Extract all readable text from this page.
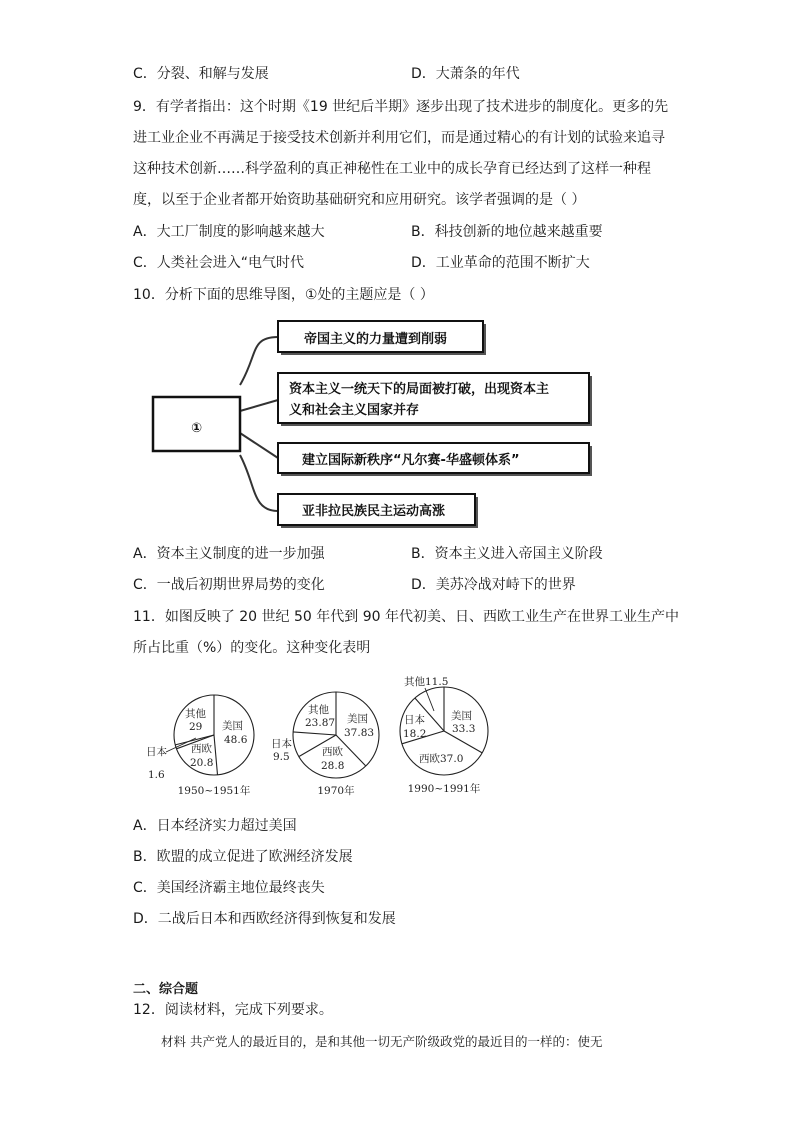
C．分裂、和解与发展	D．大萧条的年代
9．有学者指出：这个时期《19 世纪后半期》逐步出现了技术进步的制度化。更多的先
进工业企业不再满足于接受技术创新并利用它们，而是通过精心的有计划的试验来追寻
这种技术创新……科学盈利的真正神秘性在工业中的成长孕育已经达到了这样一种程
度，以至于企业者都开始资助基础研究和应用研究。该学者强调的是（ ）
A．大工厂制度的影响越来越大	B．科技创新的地位越来越重要
C．人类社会进入“电气时代	D．工业革命的范围不断扩大
10．分析下面的思维导图，①处的主题应是（ ）
①
帝国主义的力量遭到削弱
资本主义一统天下的局面被打破，出现资本主
义和社会主义国家并存
建立国际新秩序“凡尔赛-华盛顿体系”
亚非拉民族民主运动高涨
A．资本主义制度的进一步加强	B．资本主义进入帝国主义阶段
C．一战后初期世界局势的变化	D．美苏冷战对峙下的世界
11．如图反映了 20 世纪 50 年代到 90 年代初美、日、西欧工业生产在世界工业生产中
所占比重（%）的变化。这种变化表明
其他
29 美国
48.6
西欧
20.8
日本
1.6
1950~1951年
其他
23.87 美国
37.83
西欧
28.8
日本
9.5
1970年
其他11.5
美国
33.3
日本
18.2
西欧37.0
1990~1991年
A．日本经济实力超过美国
B．欧盟的成立促进了欧洲经济发展
C．美国经济霸主地位最终丧失
D．二战后日本和西欧经济得到恢复和发展
二、综合题
12．阅读材料，完成下列要求。
材料 共产党人的最近目的，是和其他一切无产阶级政党的最近目的一样的：使无
